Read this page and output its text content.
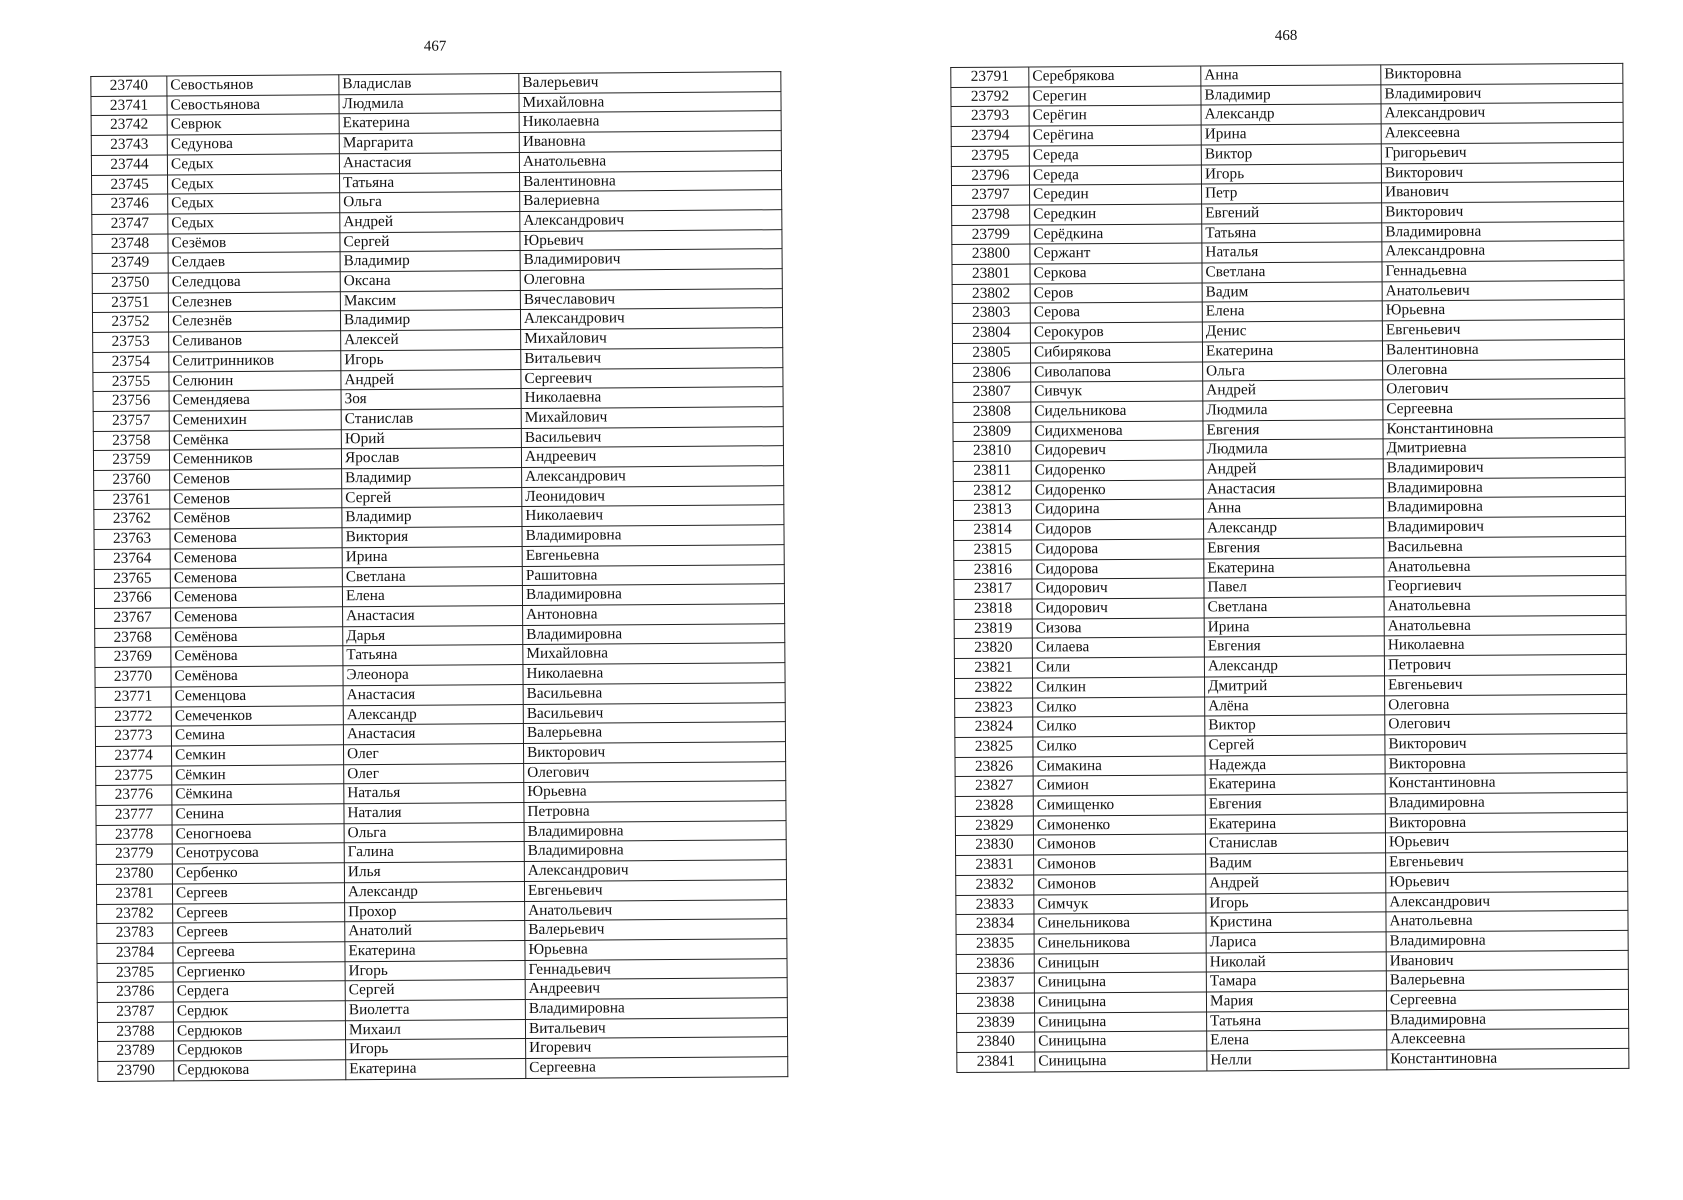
467
23740	Севостьянов	Владислав	Валерьевич
23741	Севостьянова	Людмила	Михайловна
23742	Севрюк	Екатерина	Николаевна
23743	Седунова	Маргарита	Ивановна
23744	Седых	Анастасия	Анатольевна
23745	Седых	Татьяна	Валентиновна
23746	Седых	Ольга	Валериевна
23747	Седых	Андрей	Александрович
23748	Сезёмов	Сергей	Юрьевич
23749	Селдаев	Владимир	Владимирович
23750	Селедцова	Оксана	Олеговна
23751	Селезнев	Максим	Вячеславович
23752	Селезнёв	Владимир	Александрович
23753	Селиванов	Алексей	Михайлович
23754	Селитринников	Игорь	Витальевич
23755	Селюнин	Андрей	Сергеевич
23756	Семендяева	Зоя	Николаевна
23757	Семенихин	Станислав	Михайлович
23758	Семёнка	Юрий	Васильевич
23759	Семенников	Ярослав	Андреевич
23760	Семенов	Владимир	Александрович
23761	Семенов	Сергей	Леонидович
23762	Семёнов	Владимир	Николаевич
23763	Семенова	Виктория	Владимировна
23764	Семенова	Ирина	Евгеньевна
23765	Семенова	Светлана	Рашитовна
23766	Семенова	Елена	Владимировна
23767	Семенова	Анастасия	Антоновна
23768	Семёнова	Дарья	Владимировна
23769	Семёнова	Татьяна	Михайловна
23770	Семёнова	Элеонора	Николаевна
23771	Семенцова	Анастасия	Васильевна
23772	Семеченков	Александр	Васильевич
23773	Семина	Анастасия	Валерьевна
23774	Семкин	Олег	Викторович
23775	Сёмкин	Олег	Олегович
23776	Сёмкина	Наталья	Юрьевна
23777	Сенина	Наталия	Петровна
23778	Сеногноева	Ольга	Владимировна
23779	Сенотрусова	Галина	Владимировна
23780	Сербенко	Илья	Александрович
23781	Сергеев	Александр	Евгеньевич
23782	Сергеев	Прохор	Анатольевич
23783	Сергеев	Анатолий	Валерьевич
23784	Сергеева	Екатерина	Юрьевна
23785	Сергиенко	Игорь	Геннадьевич
23786	Сердега	Сергей	Андреевич
23787	Сердюк	Виолетта	Владимировна
23788	Сердюков	Михаил	Витальевич
23789	Сердюков	Игорь	Игоревич
23790	Сердюкова	Екатерина	Сергеевна
468
23791	Серебрякова	Анна	Викторовна
23792	Серегин	Владимир	Владимирович
23793	Серёгин	Александр	Александрович
23794	Серёгина	Ирина	Алексеевна
23795	Середа	Виктор	Григорьевич
23796	Середа	Игорь	Викторович
23797	Середин	Петр	Иванович
23798	Середкин	Евгений	Викторович
23799	Серёдкина	Татьяна	Владимировна
23800	Сержант	Наталья	Александровна
23801	Серкова	Светлана	Геннадьевна
23802	Серов	Вадим	Анатольевич
23803	Серова	Елена	Юрьевна
23804	Серокуров	Денис	Евгеньевич
23805	Сибирякова	Екатерина	Валентиновна
23806	Сиволапова	Ольга	Олеговна
23807	Сивчук	Андрей	Олегович
23808	Сидельникова	Людмила	Сергеевна
23809	Сидихменова	Евгения	Константиновна
23810	Сидоревич	Людмила	Дмитриевна
23811	Сидоренко	Андрей	Владимирович
23812	Сидоренко	Анастасия	Владимировна
23813	Сидорина	Анна	Владимировна
23814	Сидоров	Александр	Владимирович
23815	Сидорова	Евгения	Васильевна
23816	Сидорова	Екатерина	Анатольевна
23817	Сидорович	Павел	Георгиевич
23818	Сидорович	Светлана	Анатольевна
23819	Сизова	Ирина	Анатольевна
23820	Силаева	Евгения	Николаевна
23821	Сили	Александр	Петрович
23822	Силкин	Дмитрий	Евгеньевич
23823	Силко	Алёна	Олеговна
23824	Силко	Виктор	Олегович
23825	Силко	Сергей	Викторович
23826	Симакина	Надежда	Викторовна
23827	Симион	Екатерина	Константиновна
23828	Симищенко	Евгения	Владимировна
23829	Симоненко	Екатерина	Викторовна
23830	Симонов	Станислав	Юрьевич
23831	Симонов	Вадим	Евгеньевич
23832	Симонов	Андрей	Юрьевич
23833	Симчук	Игорь	Александрович
23834	Синельникова	Кристина	Анатольевна
23835	Синельникова	Лариса	Владимировна
23836	Синицын	Николай	Иванович
23837	Синицына	Тамара	Валерьевна
23838	Синицына	Мария	Сергеевна
23839	Синицына	Татьяна	Владимировна
23840	Синицына	Елена	Алексеевна
23841	Синицына	Нелли	Константиновна
